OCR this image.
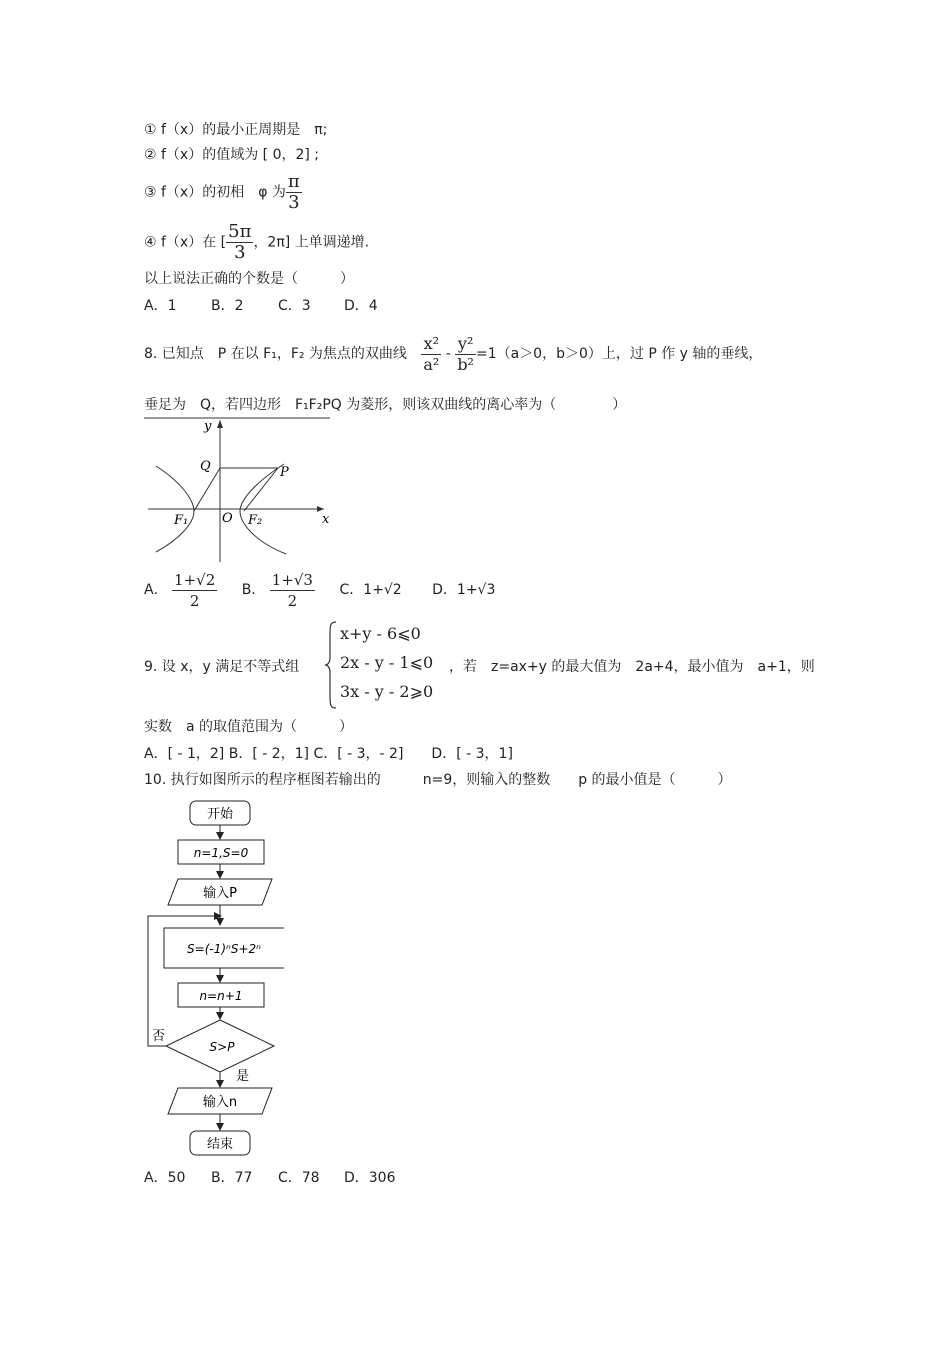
① f（x）的最小正周期是　π;
② f（x）的值域为 [ 0，2] ;
③ f（x）的初相　φ 为 $\frac{\pi}{3}$
④ f（x）在 [ $\frac{5\pi}{3}$ ，2π] 上单调递增.
以上说法正确的个数是（　　　）
A．1 B．2 C．3 D．4
8. 已知点　P 在以 F₁，F₂ 为焦点的双曲线 $\frac{\text{x²}}{\text{a²}} - \frac{\text{y²}}{\text{b²}} =1(a>0$，b＞0）上，过 P 作 y 轴的垂线，
垂足为　Q，若四边形　F₁F₂PQ 为菱形，则该双曲线的离心率为（　　　　）
y
x
Q	P
O
F₁	F₂
A． $\frac{1+√2}{2}$ B． $\frac{1+√3}{2}$ C．1+√2 D．1+√3
9. 设 x，y 满足不等式组
x+y - 6⩽0
2x - y - 1⩽0
3x - y - 2⩾0
，若　z=ax+y 的最大值为　2a+4，最小值为　a+1，则
实数　a 的取值范围为（　　　）
A．[ - 1，2] B．[ - 2，1] C．[ - 3，- 2]　　D．[ - 3，1]
10. 执行如图所示的程序框图若输出的　　　n=9，则输入的整数　　p 的最小值是（　　　）
开始
n=1,S=0
输入P
S=(-1)ⁿS+2ⁿ
n=n+1
S>P
否
是
输入n
结束
A．50 B．77 C．78 D．306
